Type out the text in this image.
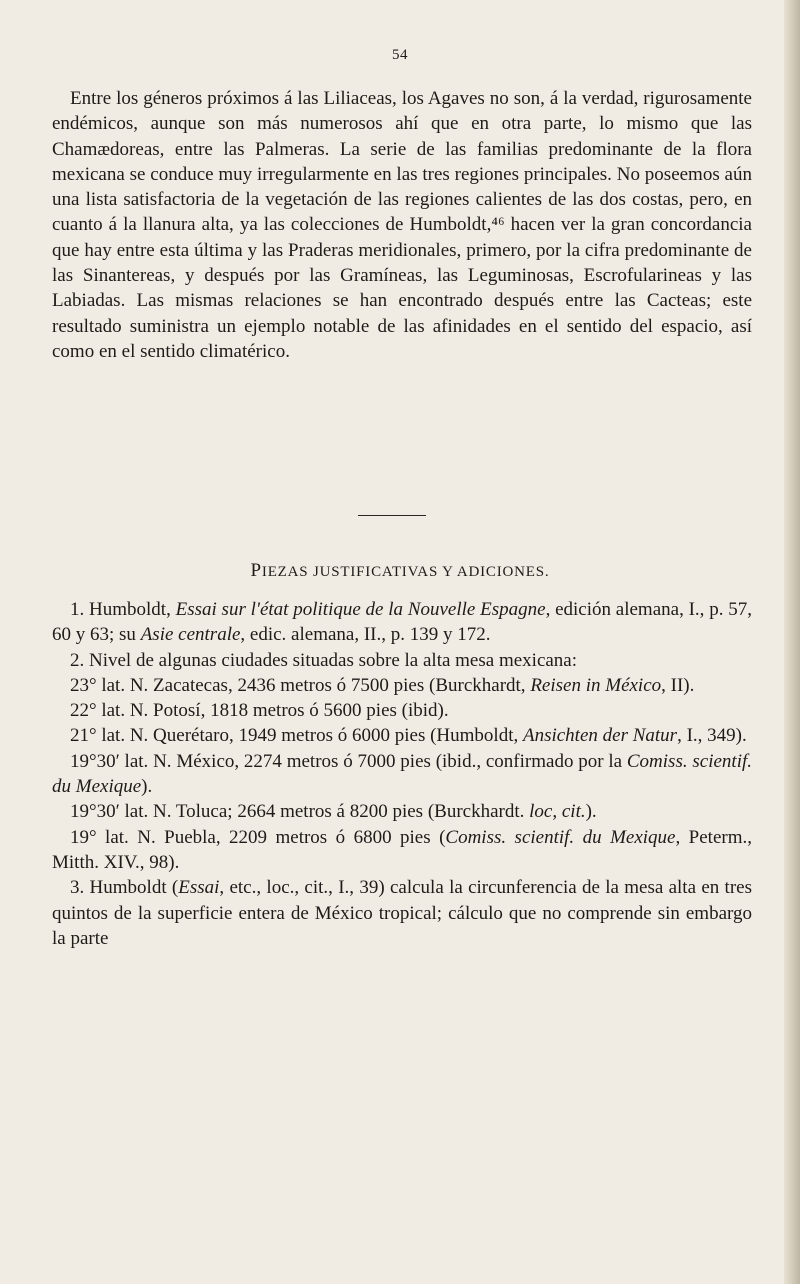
54

Entre los géneros próximos á las Liliaceas, los Agaves no son, á la verdad, rigurosamente endémicos, aunque son más numerosos ahí que en otra parte, lo mismo que las Chamædoreas, entre las Palmeras. La serie de las familias predominante de la flora mexicana se conduce muy irregularmente en las tres regiones principales. No poseemos aún una lista satisfactoria de la vegetación de las regiones calientes de las dos costas, pero, en cuanto á la llanura alta, ya las colecciones de Humboldt,⁴⁶ hacen ver la gran concordancia que hay entre esta última y las Praderas meridionales, primero, por la cifra predominante de las Sinantereas, y después por las Gramíneas, las Leguminosas, Escrofularineas y las Labiadas. Las mismas relaciones se han encontrado después entre las Cacteas; este resultado suministra un ejemplo notable de las afinidades en el sentido del espacio, así como en el sentido climatérico.

PIEZAS JUSTIFICATIVAS Y ADICIONES.

1. Humboldt, Essai sur l'état politique de la Nouvelle Espagne, edición alemana, I., p. 57, 60 y 63; su Asie centrale, edic. alemana, II., p. 139 y 172.

2. Nivel de algunas ciudades situadas sobre la alta mesa mexicana:

23° lat. N. Zacatecas, 2436 metros ó 7500 pies (Burckhardt, Reisen in México, II).

22° lat. N. Potosí, 1818 metros ó 5600 pies (ibid).

21° lat. N. Querétaro, 1949 metros ó 6000 pies (Humboldt, Ansichten der Natur, I., 349).

19°30′ lat. N. México, 2274 metros ó 7000 pies (ibid., confirmado por la Comiss. scientif. du Mexique).

19°30′ lat. N. Toluca; 2664 metros á 8200 pies (Burckhardt. loc, cit.).

19° lat. N. Puebla, 2209 metros ó 6800 pies (Comiss. scientif. du Mexique, Peterm., Mitth. XIV., 98).

3. Humboldt (Essai, etc., loc., cit., I., 39) calcula la circunferencia de la mesa alta en tres quintos de la superficie entera de México tropical; cálculo que no comprende sin embargo la parte
